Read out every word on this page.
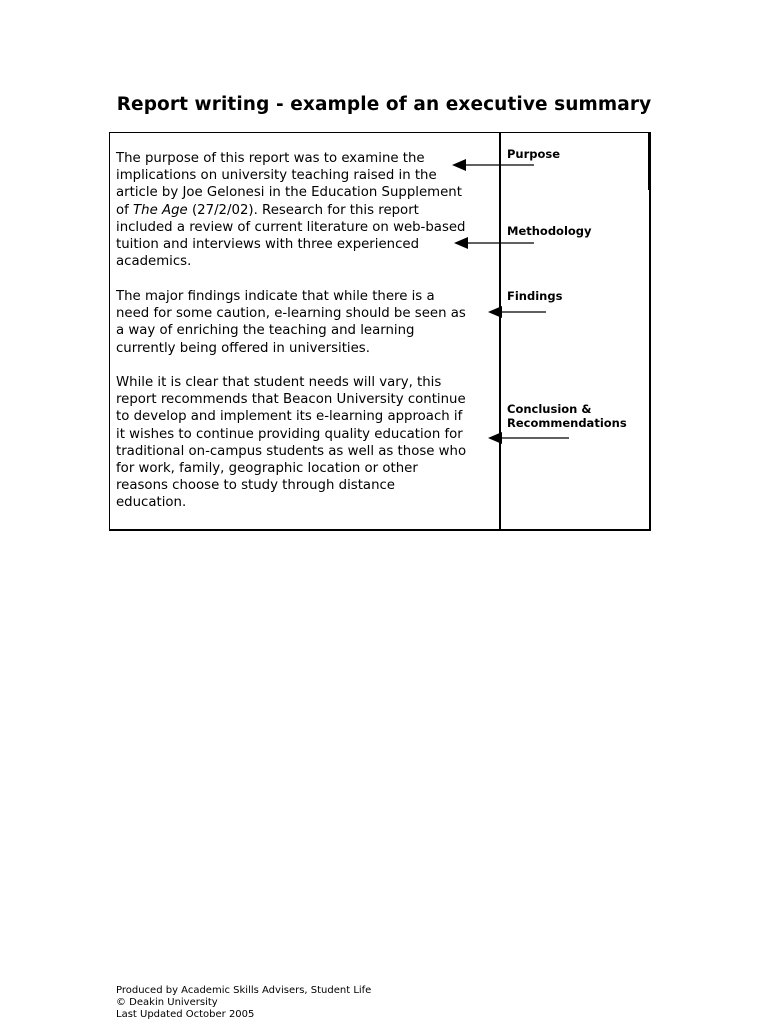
Report writing - example of an executive summary
The purpose of this report was to examine the
implications on university teaching raised in the
article by Joe Gelonesi in the Education Supplement
of The Age (27/2/02). Research for this report
included a review of current literature on web-based
tuition and interviews with three experienced
academics.
The major findings indicate that while there is a
need for some caution, e-learning should be seen as
a way of enriching the teaching and learning
currently being offered in universities.
While it is clear that student needs will vary, this
report recommends that Beacon University continue
to develop and implement its e-learning approach if
it wishes to continue providing quality education for
traditional on-campus students as well as those who
for work, family, geographic location or other
reasons choose to study through distance
education.
Purpose
Methodology
Findings
Conclusion &
Recommendations
Produced by Academic Skills Advisers, Student Life
© Deakin University
Last Updated October 2005
